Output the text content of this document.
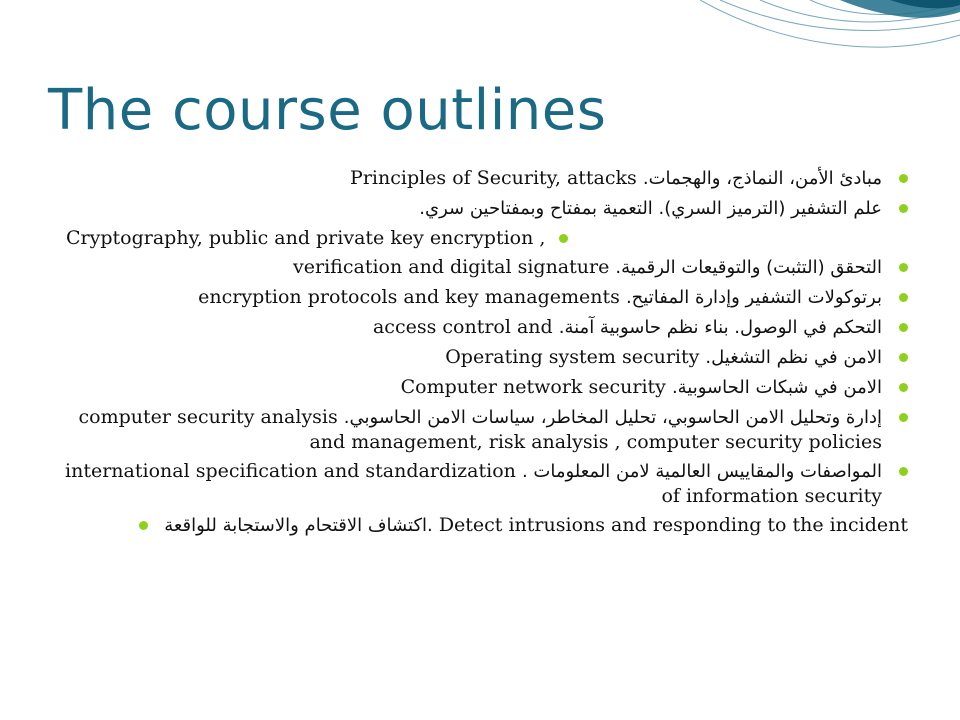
The course outlines
مبادئ الأمن، النماذج، والهجمات. Principles of Security, attacks
علم التشفير (الترميز السري). التعمية بمفتاح وبمفتاحين سري.
Cryptography, public and private key encryption ,
التحقق (التثبت) والتوقيعات الرقمية. verification and digital signature
برتوكولات التشفير وإدارة المفاتيح. encryption protocols and key managements
التحكم في الوصول. بناء نظم حاسوبية آمنة. access control and
الامن في نظم التشغيل. Operating system security
الامن في شبكات الحاسوبية. Computer network security
إدارة وتحليل الامن الحاسوبي، تحليل المخاطر، سياسات الامن الحاسوبي. computer security analysis and management, risk analysis , computer security policies
المواصفات والمقاييس العالمية لامن المعلومات . international specification and standardization of information security
اكتشاف الاقتحام والاستجابة للواقعة. Detect intrusions and responding to the incident
